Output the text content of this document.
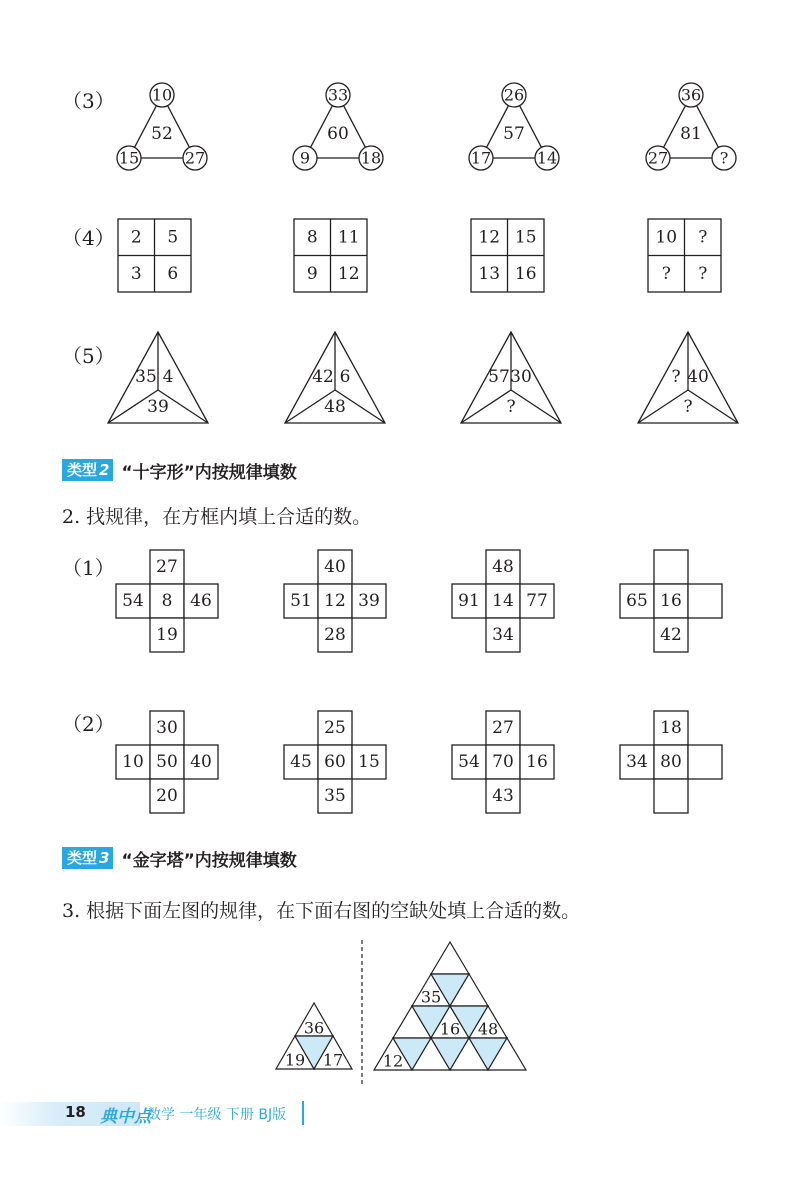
（3） 10
15	27
52
33
9	18
60
26
17	14
57
36
27	?
81
（4） 2 5
3 6
8 11
9 12
12 15
13 16
10 ?
? ?
（5）
35 4
39
42 6
48
57 30
?
? 40
?
类型 2 “十字形”内按规律填数
2. 找规律，在方框内填上合适的数。
（1）
（2）
27
54 8 46
19
40
51 12 39
28
48
91 14 77
34
65 16
42
30
10 50 40
20
25
45 60 15
35
27
54 70 16
43
18
34 80
类型 3 “金字塔”内按规律填数
3. 根据下面左图的规律，在下面右图的空缺处填上合适的数。
36
19 17
35
16 48
12
18 典中点
数学 一年级 下册 BJ版
